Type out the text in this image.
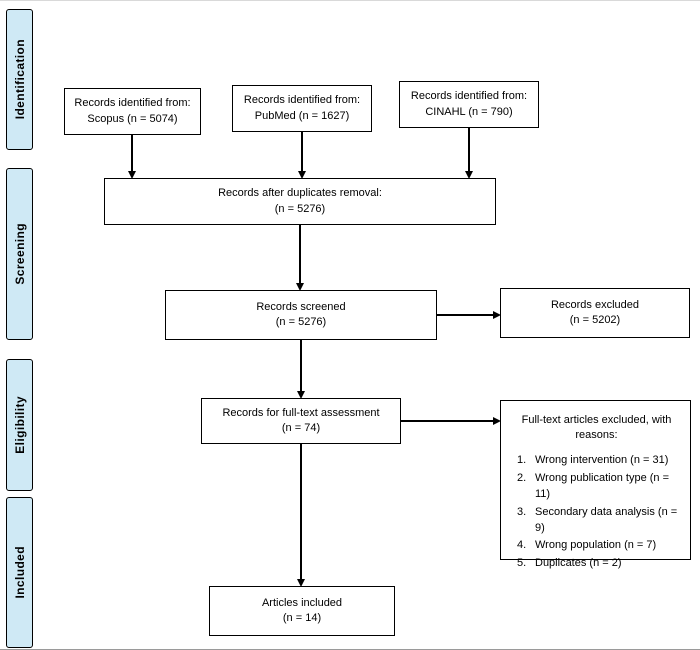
Identification
Screening
Eligibility
Included
Records identified from:
Scopus (n = 5074)
Records identified from:
PubMed (n = 1627)
Records identified from:
CINAHL (n = 790)
Records after duplicates removal:
(n = 5276)
Records screened
(n = 5276)
Records excluded
(n = 5202)
Records for full-text assessment
(n = 74)
Full-text articles excluded, with reasons:
1. Wrong intervention (n = 31)
2. Wrong publication type (n = 11)
3. Secondary data analysis (n = 9)
4. Wrong population (n = 7)
5. Duplicates (n = 2)
Articles included
(n = 14)
